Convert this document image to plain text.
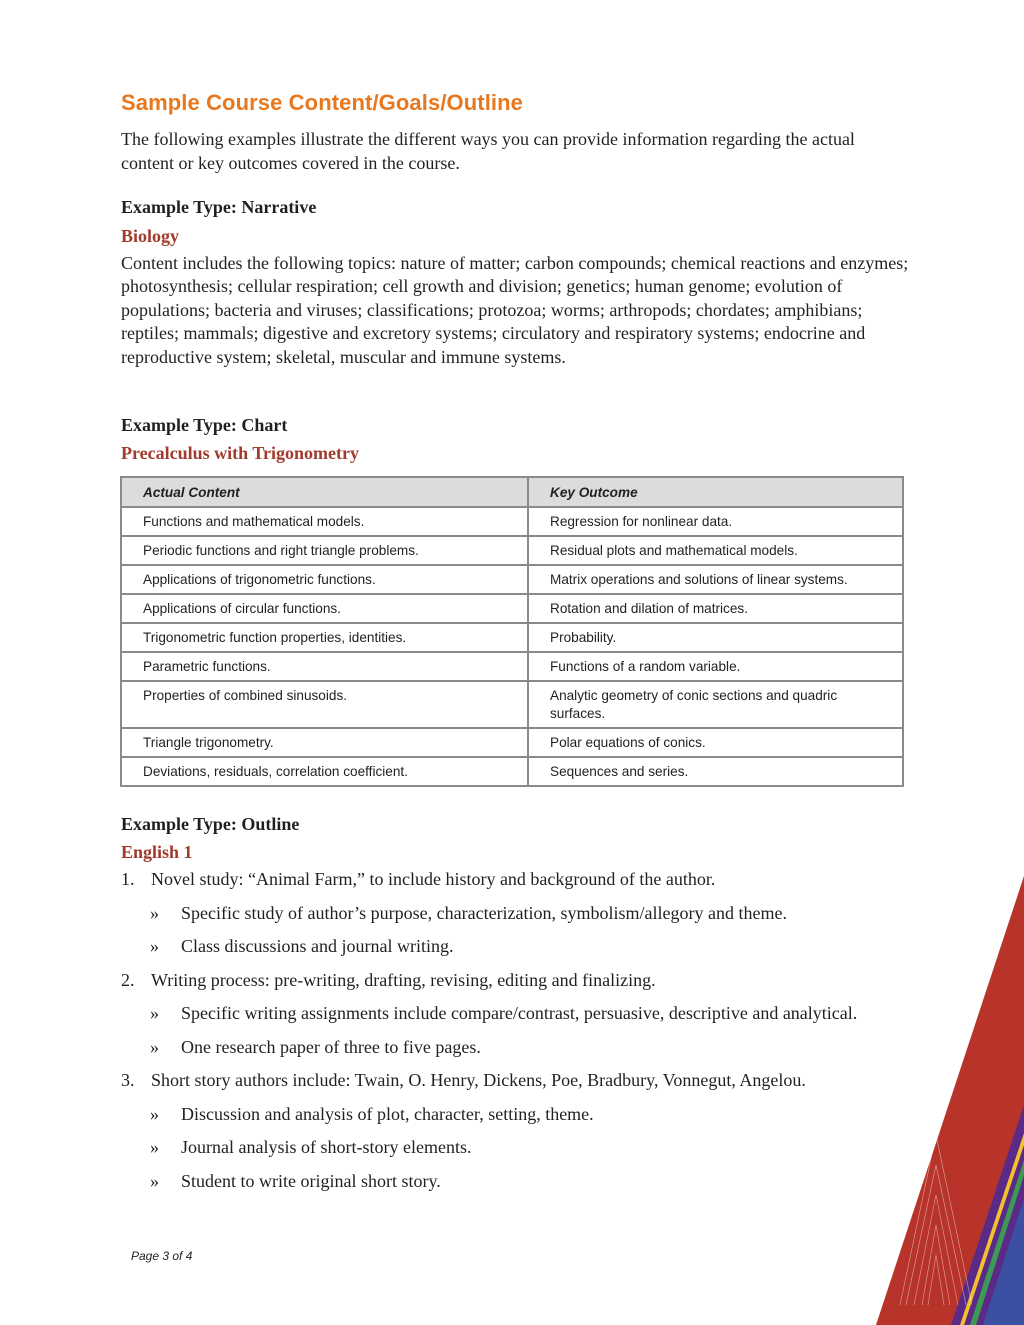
Sample Course Content/Goals/Outline

The following examples illustrate the different ways you can provide information regarding the actual content or key outcomes covered in the course.

Example Type: Narrative
Biology

Content includes the following topics: nature of matter; carbon compounds; chemical reactions and enzymes; photosynthesis; cellular respiration; cell growth and division; genetics; human genome; evolution of populations; bacteria and viruses; classifications; protozoa; worms; arthropods; chordates; amphibians; reptiles; mammals; digestive and excretory systems; circulatory and respiratory systems; endocrine and reproductive system; skeletal, muscular and immune systems.

Example Type: Chart
Precalculus with Trigonometry
Actual Content	Key Outcome
Functions and mathematical models.	Regression for nonlinear data.
Periodic functions and right triangle problems.	Residual plots and mathematical models.
Applications of trigonometric functions.	Matrix operations and solutions of linear systems.
Applications of circular functions.	Rotation and dilation of matrices.
Trigonometric function properties, identities.	Probability.
Parametric functions.	Functions of a random variable.
Properties of combined sinusoids.	Analytic geometry of conic sections and quadric surfaces.
Triangle trigonometry.	Polar equations of conics.
Deviations, residuals, correlation coefficient.	Sequences and series.
Example Type: Outline
English 1
1. Novel study: “Animal Farm,” to include history and background of the author.
» Specific study of author’s purpose, characterization, symbolism/allegory and theme.
» Class discussions and journal writing.
2. Writing process: pre-writing, drafting, revising, editing and finalizing.
» Specific writing assignments include compare/contrast, persuasive, descriptive and analytical.
» One research paper of three to five pages.
3. Short story authors include: Twain, O. Henry, Dickens, Poe, Bradbury, Vonnegut, Angelou.
» Discussion and analysis of plot, character, setting, theme.
» Journal analysis of short-story elements.
» Student to write original short story.
Page 3 of 4
